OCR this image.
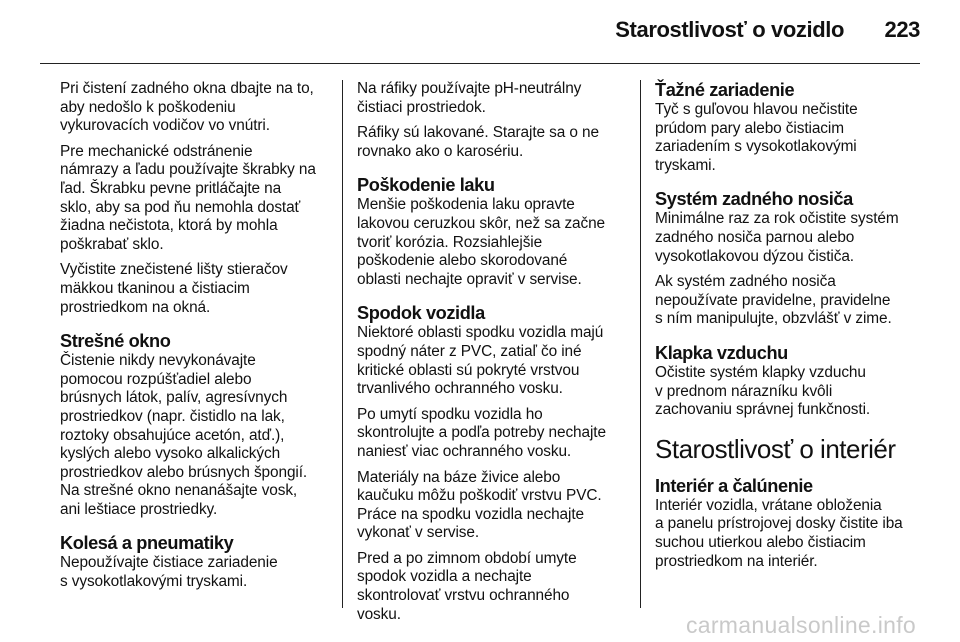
Starostlivosť o vozidlo 223

Pri čistení zadného okna dbajte na to,
aby nedošlo k poškodeniu
vykurovacích vodičov vo vnútri.

Pre mechanické odstránenie
námrazy a ľadu používajte škrabky na
ľad. Škrabku pevne pritláčajte na
sklo, aby sa pod ňu nemohla dostať
žiadna nečistota, ktorá by mohla
poškrabať sklo.

Vyčistite znečistené lišty stieračov
mäkkou tkaninou a čistiacim
prostriedkom na okná.

Strešné okno

Čistenie nikdy nevykonávajte
pomocou rozpúšťadiel alebo
brúsnych látok, palív, agresívnych
prostriedkov (napr. čistidlo na lak,
roztoky obsahujúce acetón, atď.),
kyslých alebo vysoko alkalických
prostriedkov alebo brúsnych špongií.
Na strešné okno nenanášajte vosk,
ani leštiace prostriedky.

Kolesá a pneumatiky

Nepoužívajte čistiace zariadenie
s vysokotlakovými tryskami.

Na ráfiky používajte pH-neutrálny
čistiaci prostriedok.

Ráfiky sú lakované. Starajte sa o ne
rovnako ako o karosériu.

Poškodenie laku

Menšie poškodenia laku opravte
lakovou ceruzkou skôr, než sa začne
tvoriť korózia. Rozsiahlejšie
poškodenie alebo skorodované
oblasti nechajte opraviť v servise.

Spodok vozidla

Niektoré oblasti spodku vozidla majú
spodný náter z PVC, zatiaľ čo iné
kritické oblasti sú pokryté vrstvou
trvanlivého ochranného vosku.

Po umytí spodku vozidla ho
skontrolujte a podľa potreby nechajte
naniesť viac ochranného vosku.

Materiály na báze živice alebo
kaučuku môžu poškodiť vrstvu PVC.
Práce na spodku vozidla nechajte
vykonať v servise.

Pred a po zimnom období umyte
spodok vozidla a nechajte
skontrolovať vrstvu ochranného
vosku.

Ťažné zariadenie

Tyč s guľovou hlavou nečistite
prúdom pary alebo čistiacim
zariadením s vysokotlakovými
tryskami.

Systém zadného nosiča

Minimálne raz za rok očistite systém
zadného nosiča parnou alebo
vysokotlakovou dýzou čističa.

Ak systém zadného nosiča
nepoužívate pravidelne, pravidelne
s ním manipulujte, obzvlášť v zime.

Klapka vzduchu

Očistite systém klapky vzduchu
v prednom nárazníku kvôli
zachovaniu správnej funkčnosti.

Starostlivosť o interiér
Interiér a čalúnenie

Interiér vozidla, vrátane obloženia
a panelu prístrojovej dosky čistite iba
suchou utierkou alebo čistiacim
prostriedkom na interiér.

carmanualsonline.info
